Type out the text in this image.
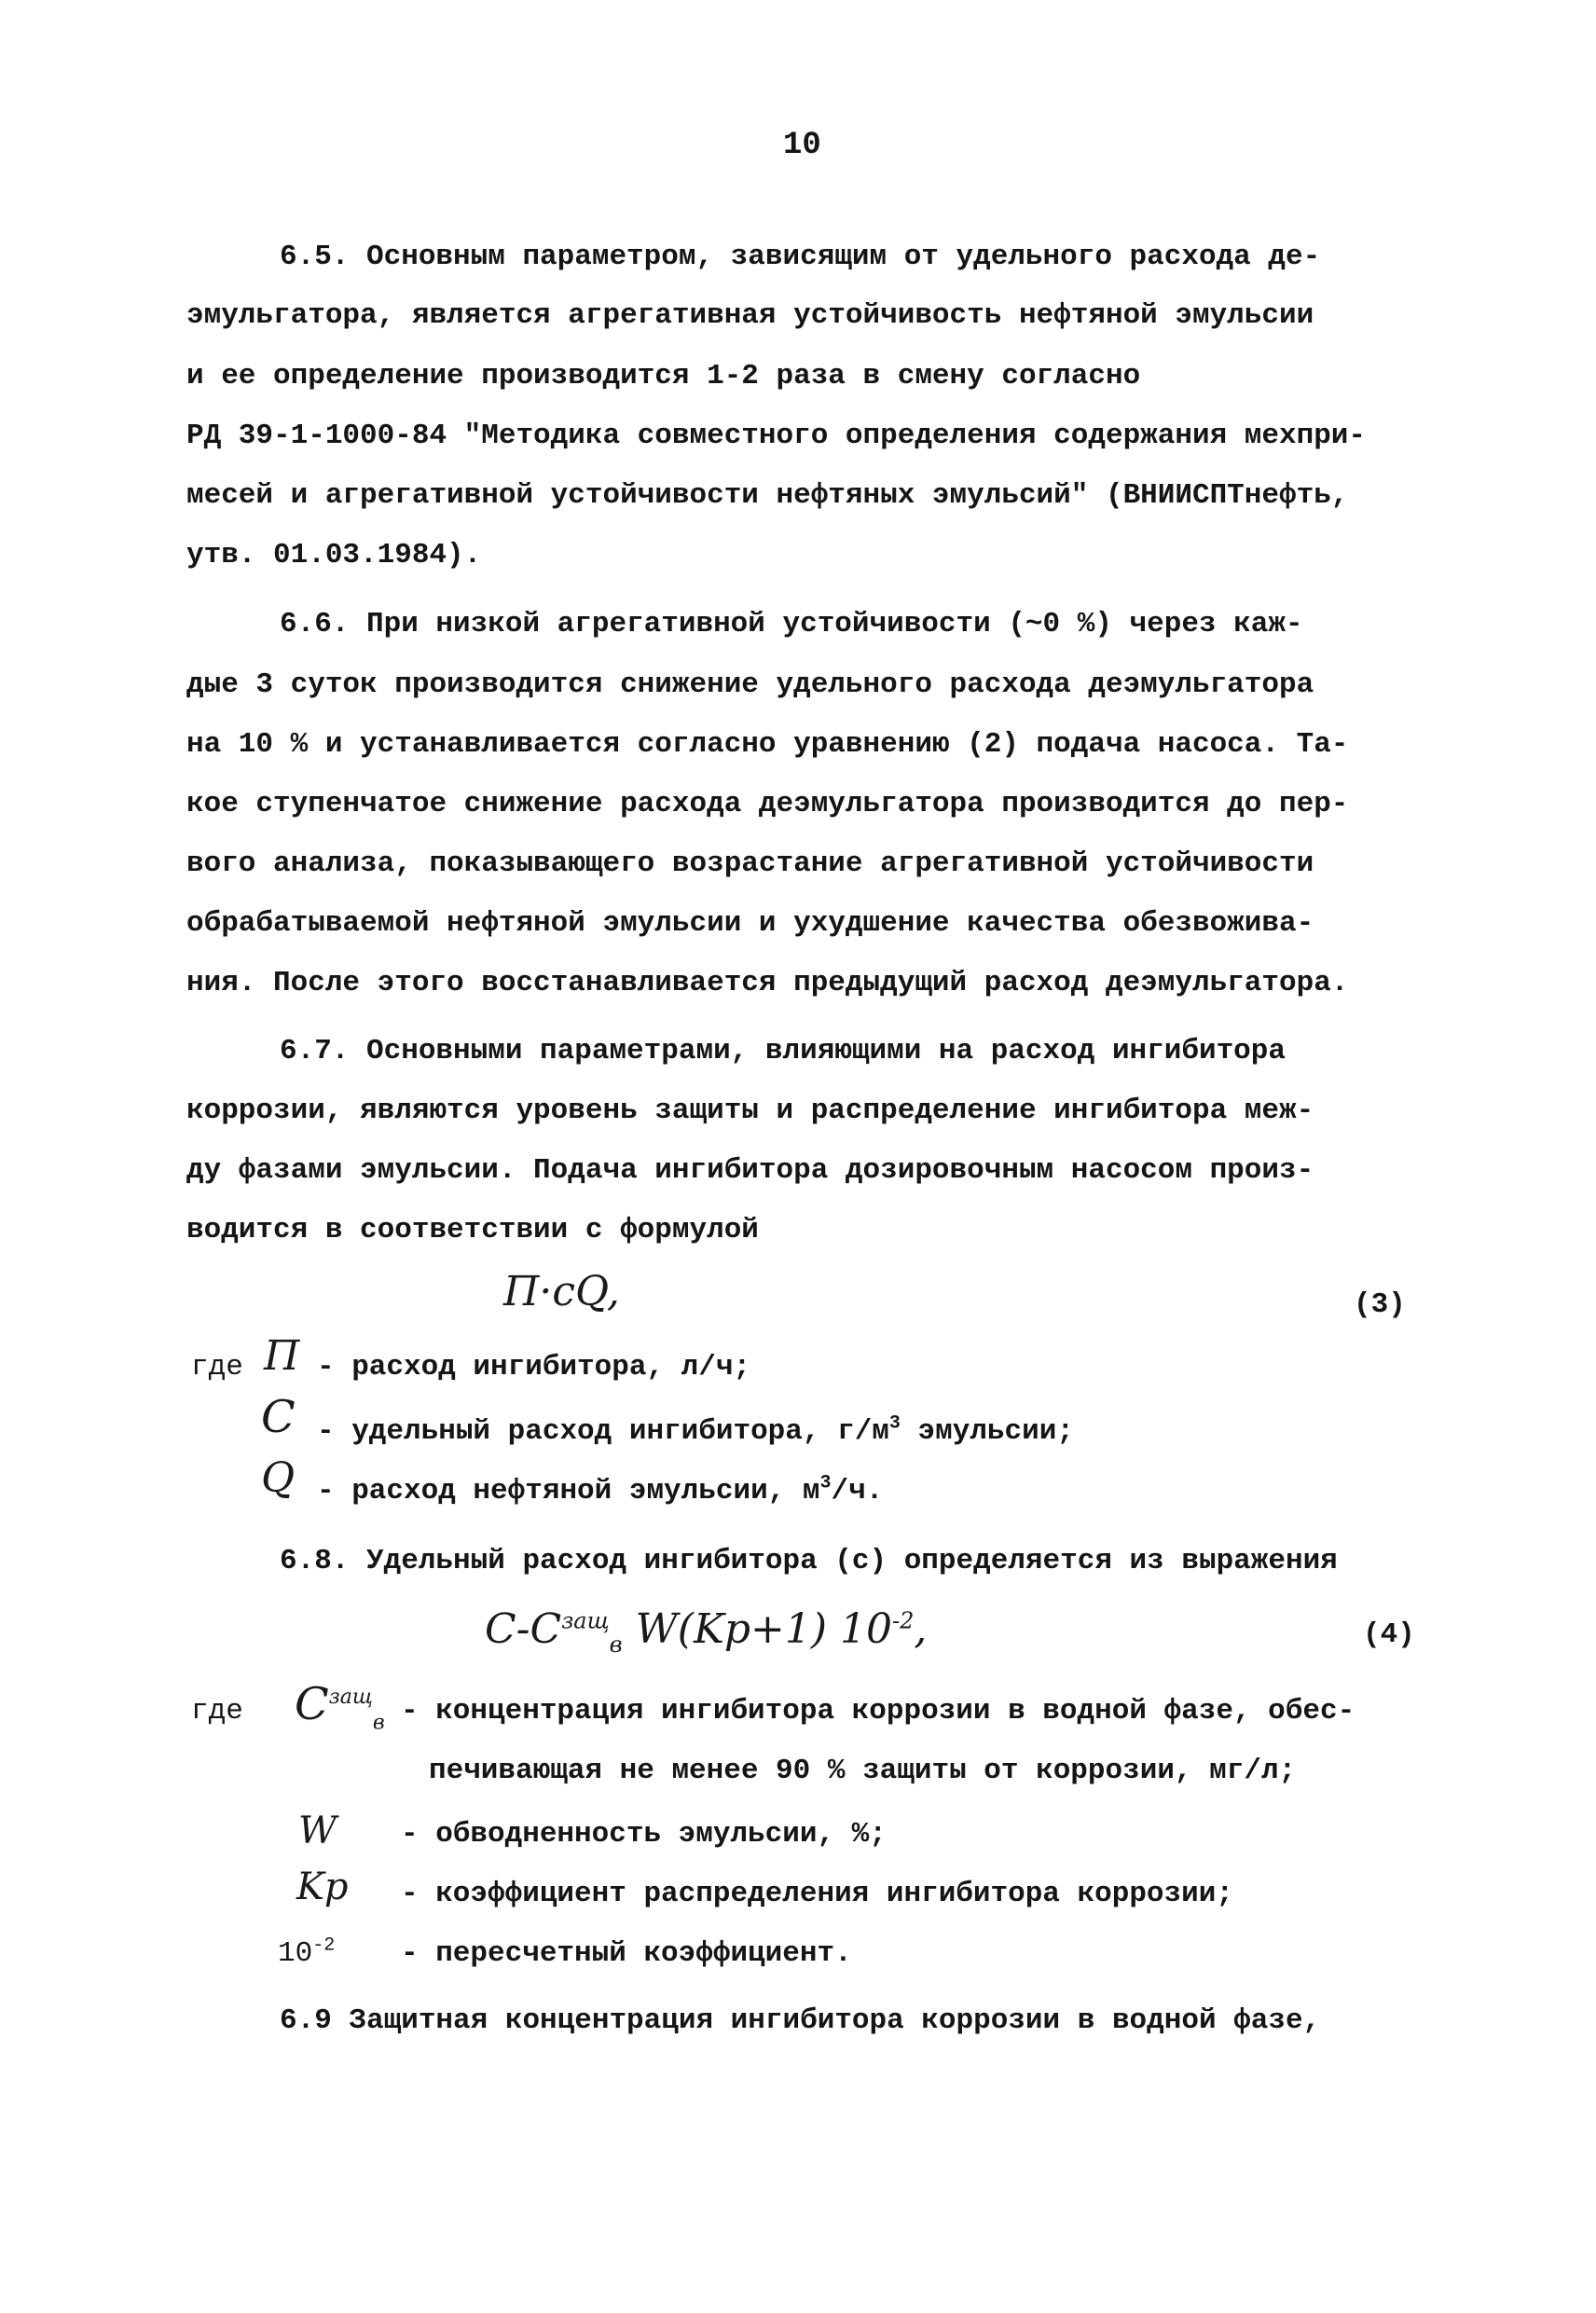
10
6.5. Основным параметром, зависящим от удельного расхода де-
эмульгатора, является агрегативная устойчивость нефтяной эмульсии
и ее определение производится 1-2 раза в смену согласно
РД 39-1-1000-84 "Методика совместного определения содержания мехпри-
месей и агрегативной устойчивости нефтяных эмульсий" (ВНИИСПТнефть,
утв. 01.03.1984).
6.6. При низкой агрегативной устойчивости (~0 %) через каж-
дые 3 суток производится снижение удельного расхода деэмульгатора
на 10 % и устанавливается согласно уравнению (2) подача насоса. Та-
кое ступенчатое снижение расхода деэмульгатора производится до пер-
вого анализа, показывающего возрастание агрегативной устойчивости
обрабатываемой нефтяной эмульсии и ухудшение качества обезвожива-
ния. После этого восстанавливается предыдущий расход деэмульгатора.
6.7. Основными параметрами, влияющими на расход ингибитора
коррозии, являются уровень защиты и распределение ингибитора меж-
ду фазами эмульсии. Подача ингибитора дозировочным насосом произ-
водится в соответствии с формулой
П·сQ,	(3)
где П - расход ингибитора, л/ч;
С - удельный расход ингибитора, $г/м^3$ эмульсии;
Q - расход нефтяной эмульсии, $м^3/ч$.
6.8. Удельный расход ингибитора (с) определяется из выражения
$С-С^{защ}_в$ W(Kр+1) $10^{-2}$,	(4)
где $С^{защ}_в$ - концентрация ингибитора коррозии в водной фазе, обес-
печивающая не менее 90 % защиты от коррозии, мг/л;
W - обводненность эмульсии, %;
Kр - коэффициент распределения ингибитора коррозии;
$10^{-2}$ - пересчетный коэффициент.
6.9 Защитная концентрация ингибитора коррозии в водной фазе,
